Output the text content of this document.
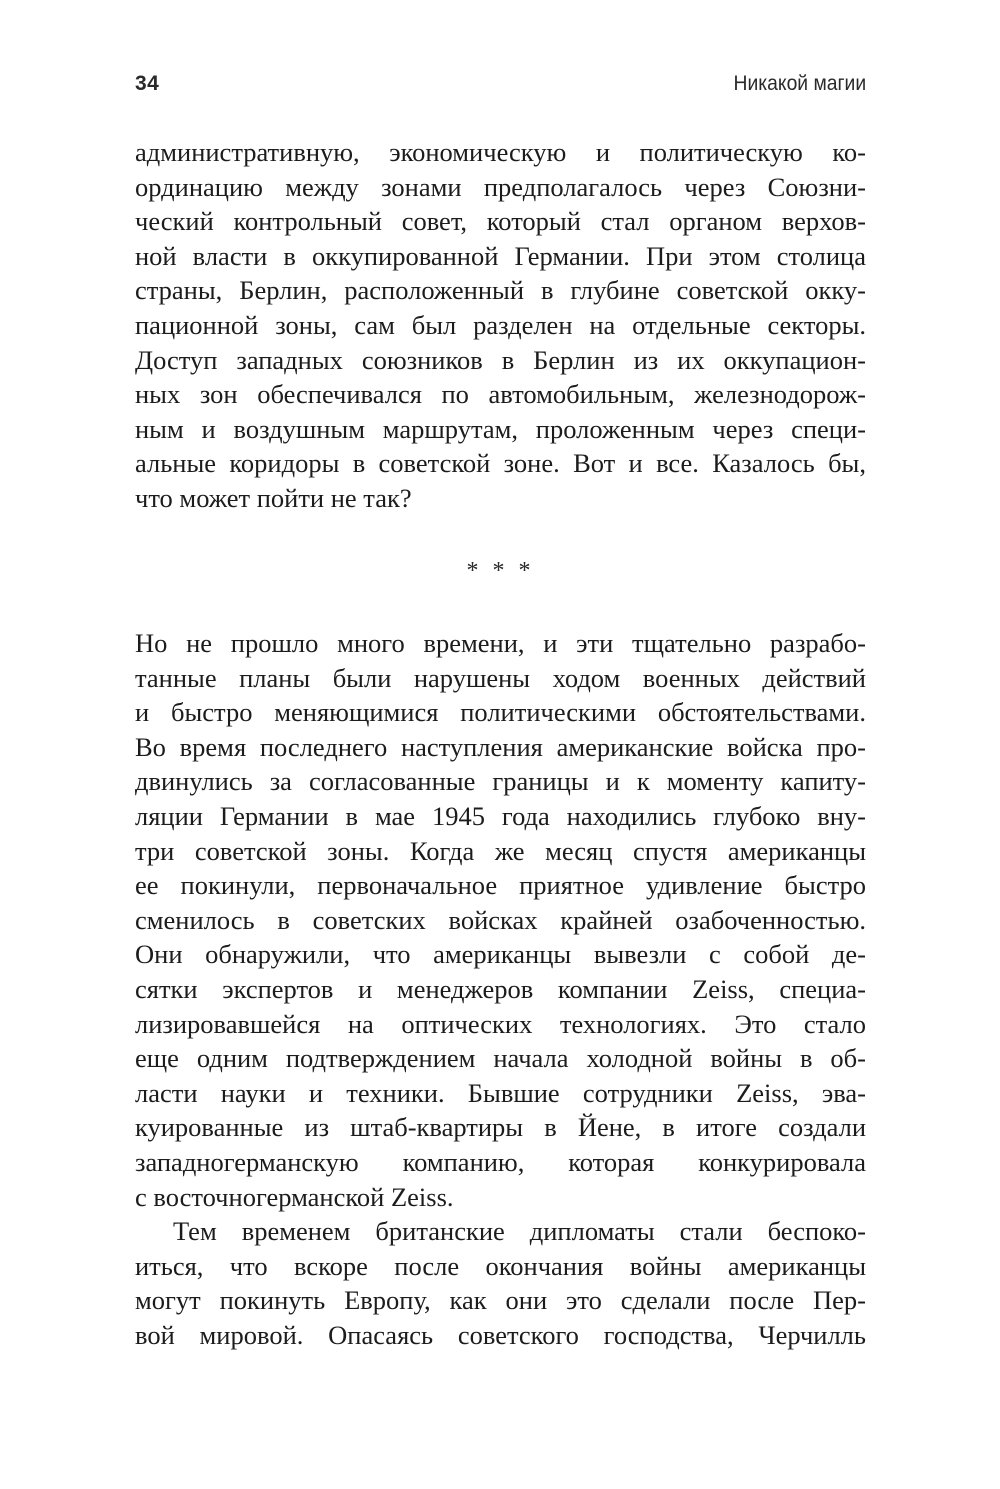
34	Никакой магии
административную, экономическую и политическую ко-
ординацию между зонами предполагалось через Союзни-
ческий контрольный совет, который стал органом верхов-
ной власти в оккупированной Германии. При этом столица
страны, Берлин, расположенный в глубине советской окку-
пационной зоны, сам был разделен на отдельные секторы.
Доступ западных союзников в Берлин из их оккупацион-
ных зон обеспечивался по автомобильным, железнодорож-
ным и воздушным маршрутам, проложенным через специ-
альные коридоры в советской зоне. Вот и все. Казалось бы,
что может пойти не так?
* * *
Но не прошло много времени, и эти тщательно разрабо-
танные планы были нарушены ходом военных действий
и быстро меняющимися политическими обстоятельствами.
Во время последнего наступления американские войска про-
двинулись за согласованные границы и к моменту капиту-
ляции Германии в мае 1945 года находились глубоко вну-
три советской зоны. Когда же месяц спустя американцы
ее покинули, первоначальное приятное удивление быстро
сменилось в советских войсках крайней озабоченностью.
Они обнаружили, что американцы вывезли с собой де-
сятки экспертов и менеджеров компании Zeiss, специа-
лизировавшейся на оптических технологиях. Это стало
еще одним подтверждением начала холодной войны в об-
ласти науки и техники. Бывшие сотрудники Zeiss, эва-
куированные из штаб-квартиры в Йене, в итоге создали
западногерманскую компанию, которая конкурировала
с восточногерманской Zeiss.
Тем временем британские дипломаты стали беспоко-
иться, что вскоре после окончания войны американцы
могут покинуть Европу, как они это сделали после Пер-
вой мировой. Опасаясь советского господства, Черчилль
